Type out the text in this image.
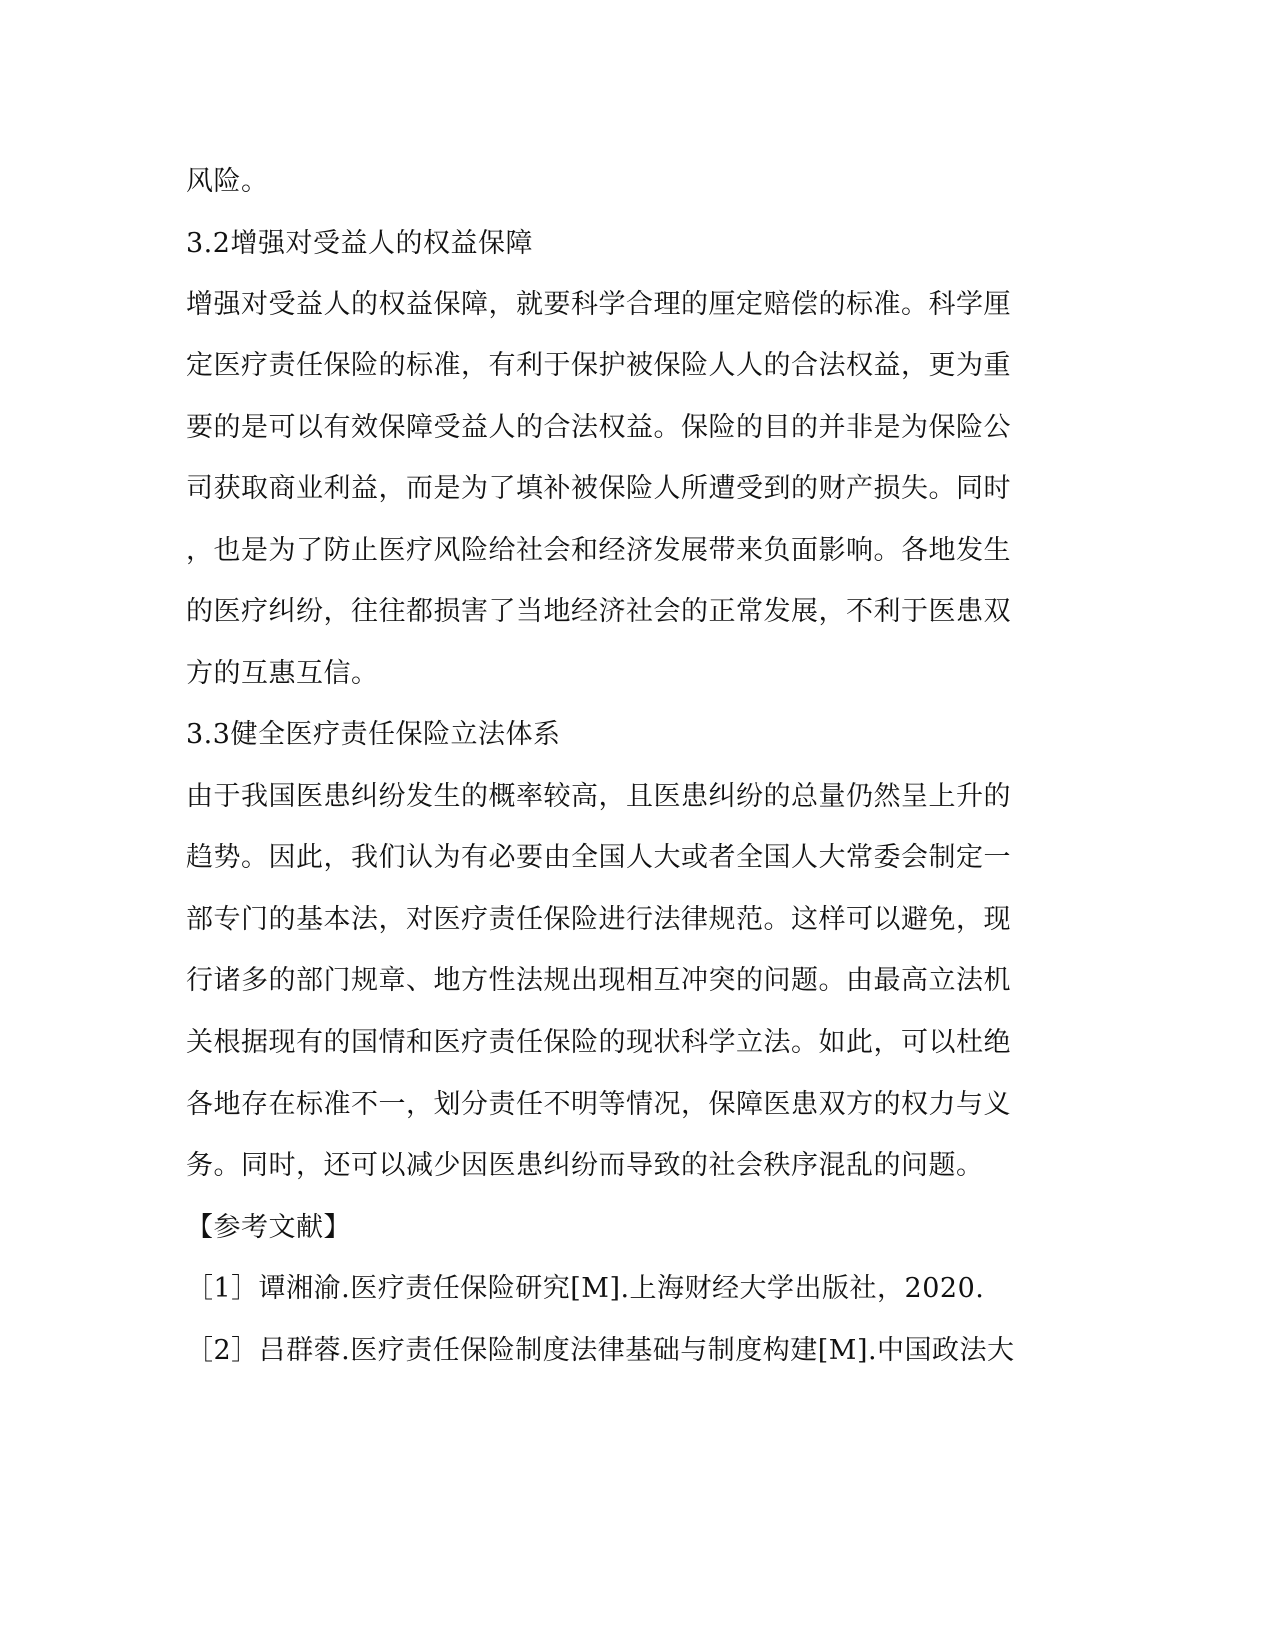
风险。
3.2增强对受益人的权益保障
增强对受益人的权益保障，就要科学合理的厘定赔偿的标准。科学厘
定医疗责任保险的标准，有利于保护被保险人人的合法权益，更为重
要的是可以有效保障受益人的合法权益。保险的目的并非是为保险公
司获取商业利益，而是为了填补被保险人所遭受到的财产损失。同时
，也是为了防止医疗风险给社会和经济发展带来负面影响。各地发生
的医疗纠纷，往往都损害了当地经济社会的正常发展，不利于医患双
方的互惠互信。
3.3健全医疗责任保险立法体系
由于我国医患纠纷发生的概率较高，且医患纠纷的总量仍然呈上升的
趋势。因此，我们认为有必要由全国人大或者全国人大常委会制定一
部专门的基本法，对医疗责任保险进行法律规范。这样可以避免，现
行诸多的部门规章、地方性法规出现相互冲突的问题。由最高立法机
关根据现有的国情和医疗责任保险的现状科学立法。如此，可以杜绝
各地存在标准不一，划分责任不明等情况，保障医患双方的权力与义
务。同时，还可以减少因医患纠纷而导致的社会秩序混乱的问题。
【参考文献】
［1］谭湘渝.医疗责任保险研究[M].上海财经大学出版社，2020.
［2］吕群蓉.医疗责任保险制度法律基础与制度构建[M].中国政法大
